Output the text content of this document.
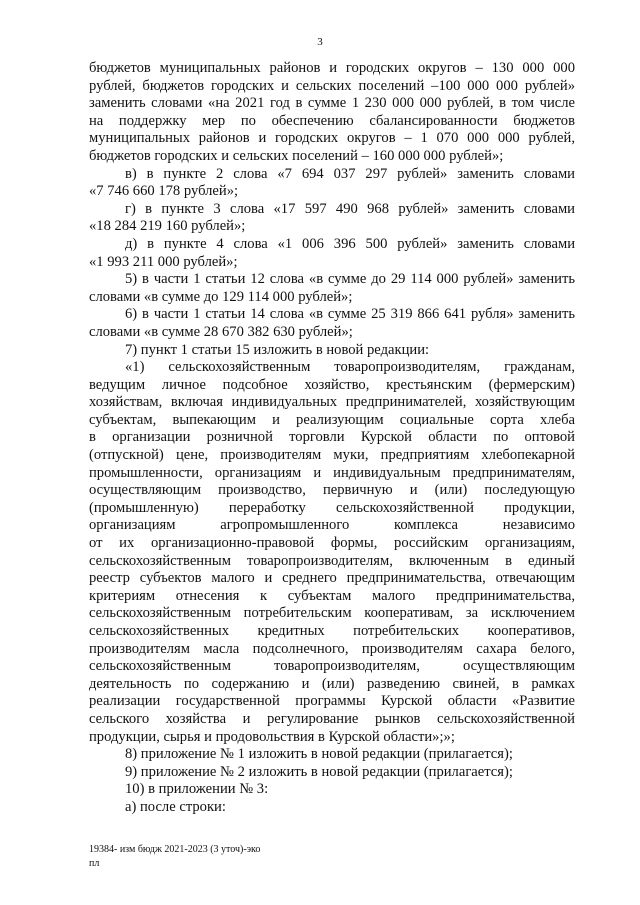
3
бюджетов муниципальных районов и городских округов – 130 000 000
рублей, бюджетов городских и сельских поселений –100 000 000 рублей»
заменить словами «на 2021 год в сумме 1 230 000 000 рублей, в том числе
на поддержку мер по обеспечению сбалансированности бюджетов
муниципальных районов и городских округов – 1 070 000 000 рублей,
бюджетов городских и сельских поселений – 160 000 000 рублей»;
в) в пункте 2 слова «7 694 037 297 рублей» заменить словами
«7 746 660 178 рублей»;
г) в пункте 3 слова «17 597 490 968 рублей» заменить словами
«18 284 219 160 рублей»;
д) в пункте 4 слова «1 006 396 500 рублей» заменить словами
«1 993 211 000 рублей»;
5) в части 1 статьи 12 слова «в сумме до 29 114 000 рублей» заменить
словами «в сумме до 129 114 000 рублей»;
6) в части 1 статьи 14 слова «в сумме 25 319 866 641 рубля» заменить
словами «в сумме 28 670 382 630 рублей»;
7) пункт 1 статьи 15 изложить в новой редакции:
«1) сельскохозяйственным товаропроизводителям, гражданам,
ведущим личное подсобное хозяйство, крестьянским (фермерским)
хозяйствам, включая индивидуальных предпринимателей, хозяйствующим
субъектам, выпекающим и реализующим социальные сорта хлеба
в организации розничной торговли Курской области по оптовой
(отпускной) цене, производителям муки, предприятиям хлебопекарной
промышленности, организациям и индивидуальным предпринимателям,
осуществляющим производство, первичную и (или) последующую
(промышленную) переработку сельскохозяйственной продукции,
организациям агропромышленного комплекса независимо
от их организационно-правовой формы, российским организациям,
сельскохозяйственным товаропроизводителям, включенным в единый
реестр субъектов малого и среднего предпринимательства, отвечающим
критериям отнесения к субъектам малого предпринимательства,
сельскохозяйственным потребительским кооперативам, за исключением
сельскохозяйственных кредитных потребительских кооперативов,
производителям масла подсолнечного, производителям сахара белого,
сельскохозяйственным товаропроизводителям, осуществляющим
деятельность по содержанию и (или) разведению свиней, в рамках
реализации государственной программы Курской области «Развитие
сельского хозяйства и регулирование рынков сельскохозяйственной
продукции, сырья и продовольствия в Курской области»;»;
8) приложение № 1 изложить в новой редакции (прилагается);
9) приложение № 2 изложить в новой редакции (прилагается);
10) в приложении № 3:
а) после строки:
19384- изм бюдж 2021-2023 (3 уточ)-эко
пл
